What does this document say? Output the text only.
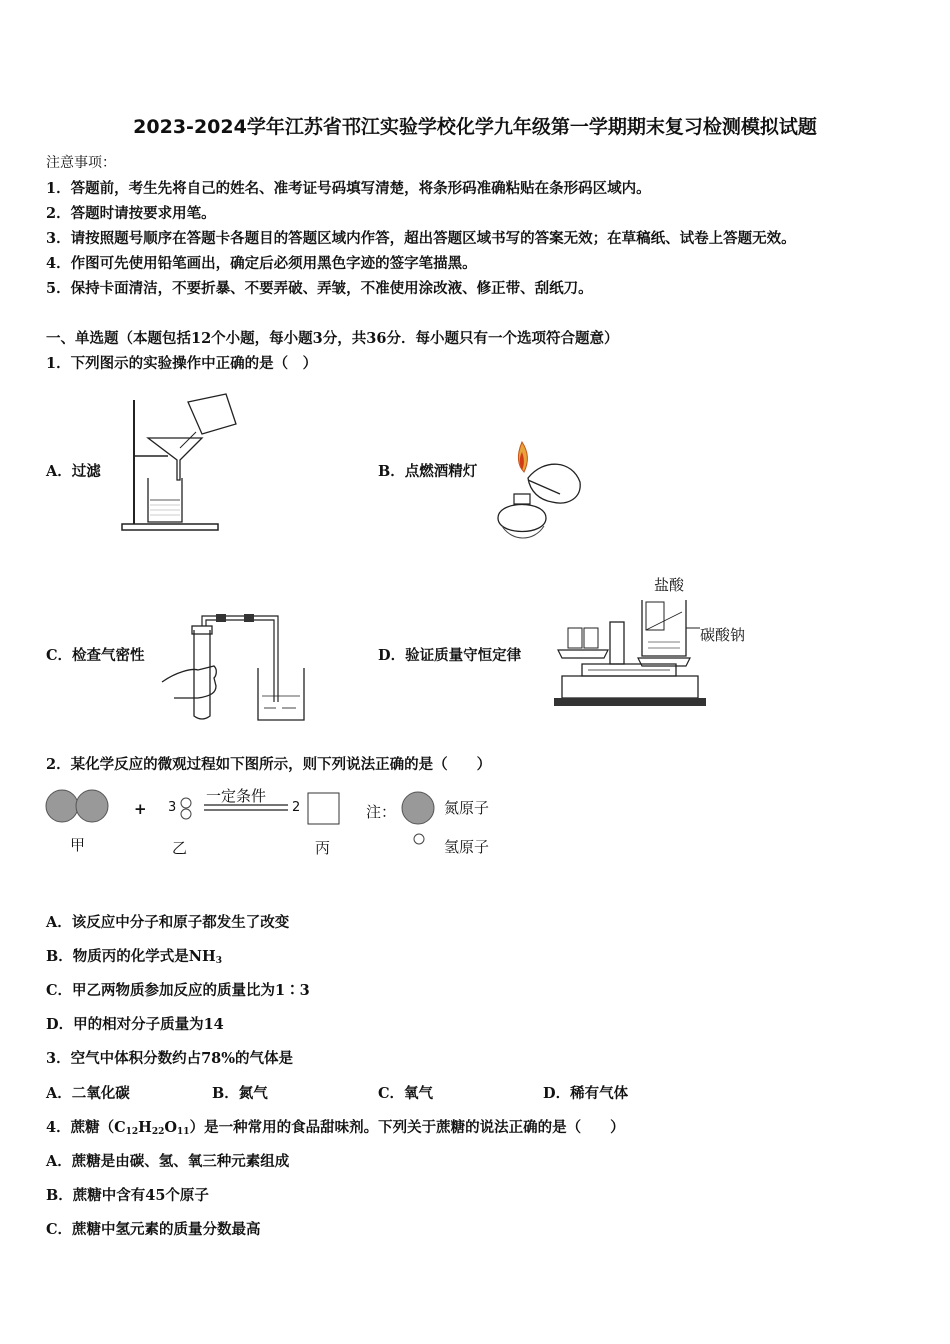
2023-2024学年江苏省邗江实验学校化学九年级第一学期期末复习检测模拟试题
注意事项：
1．答题前，考生先将自己的姓名、准考证号码填写清楚，将条形码准确粘贴在条形码区域内。
2．答题时请按要求用笔。
3．请按照题号顺序在答题卡各题目的答题区域内作答，超出答题区域书写的答案无效；在草稿纸、试卷上答题无效。
4．作图可先使用铅笔画出，确定后必须用黑色字迹的签字笔描黑。
5．保持卡面清洁，不要折暴、不要弄破、弄皱，不准使用涂改液、修正带、刮纸刀。
一、单选题（本题包括12个小题，每小题3分，共36分．每小题只有一个选项符合题意）
1．下列图示的实验操作中正确的是（　）
A．过滤	B．点燃酒精灯
C．检查气密性	D．验证质量守恒定律
盐酸
碳酸钠
2．某化学反应的微观过程如下图所示，则下列说法正确的是（　　）
+ 3
一定条件
2	注：	氮原子
氢原子
甲	乙	丙
A．该反应中分子和原子都发生了改变
B．物质丙的化学式是$NH_3$
C．甲乙两物质参加反应的质量比为1∶3
D．甲的相对分子质量为14
3．空气中体积分数约占78%的气体是
A．二氧化碳	B．氮气	C．氧气	D．稀有气体
4．蔗糖$(C_{12}H_{22}O_{11})$是一种常用的食品甜味剂。下列关于蔗糖的说法正确的是（　　）
A．蔗糖是由碳、氢、氧三种元素组成
B．蔗糖中含有45个原子
C．蔗糖中氢元素的质量分数最高
